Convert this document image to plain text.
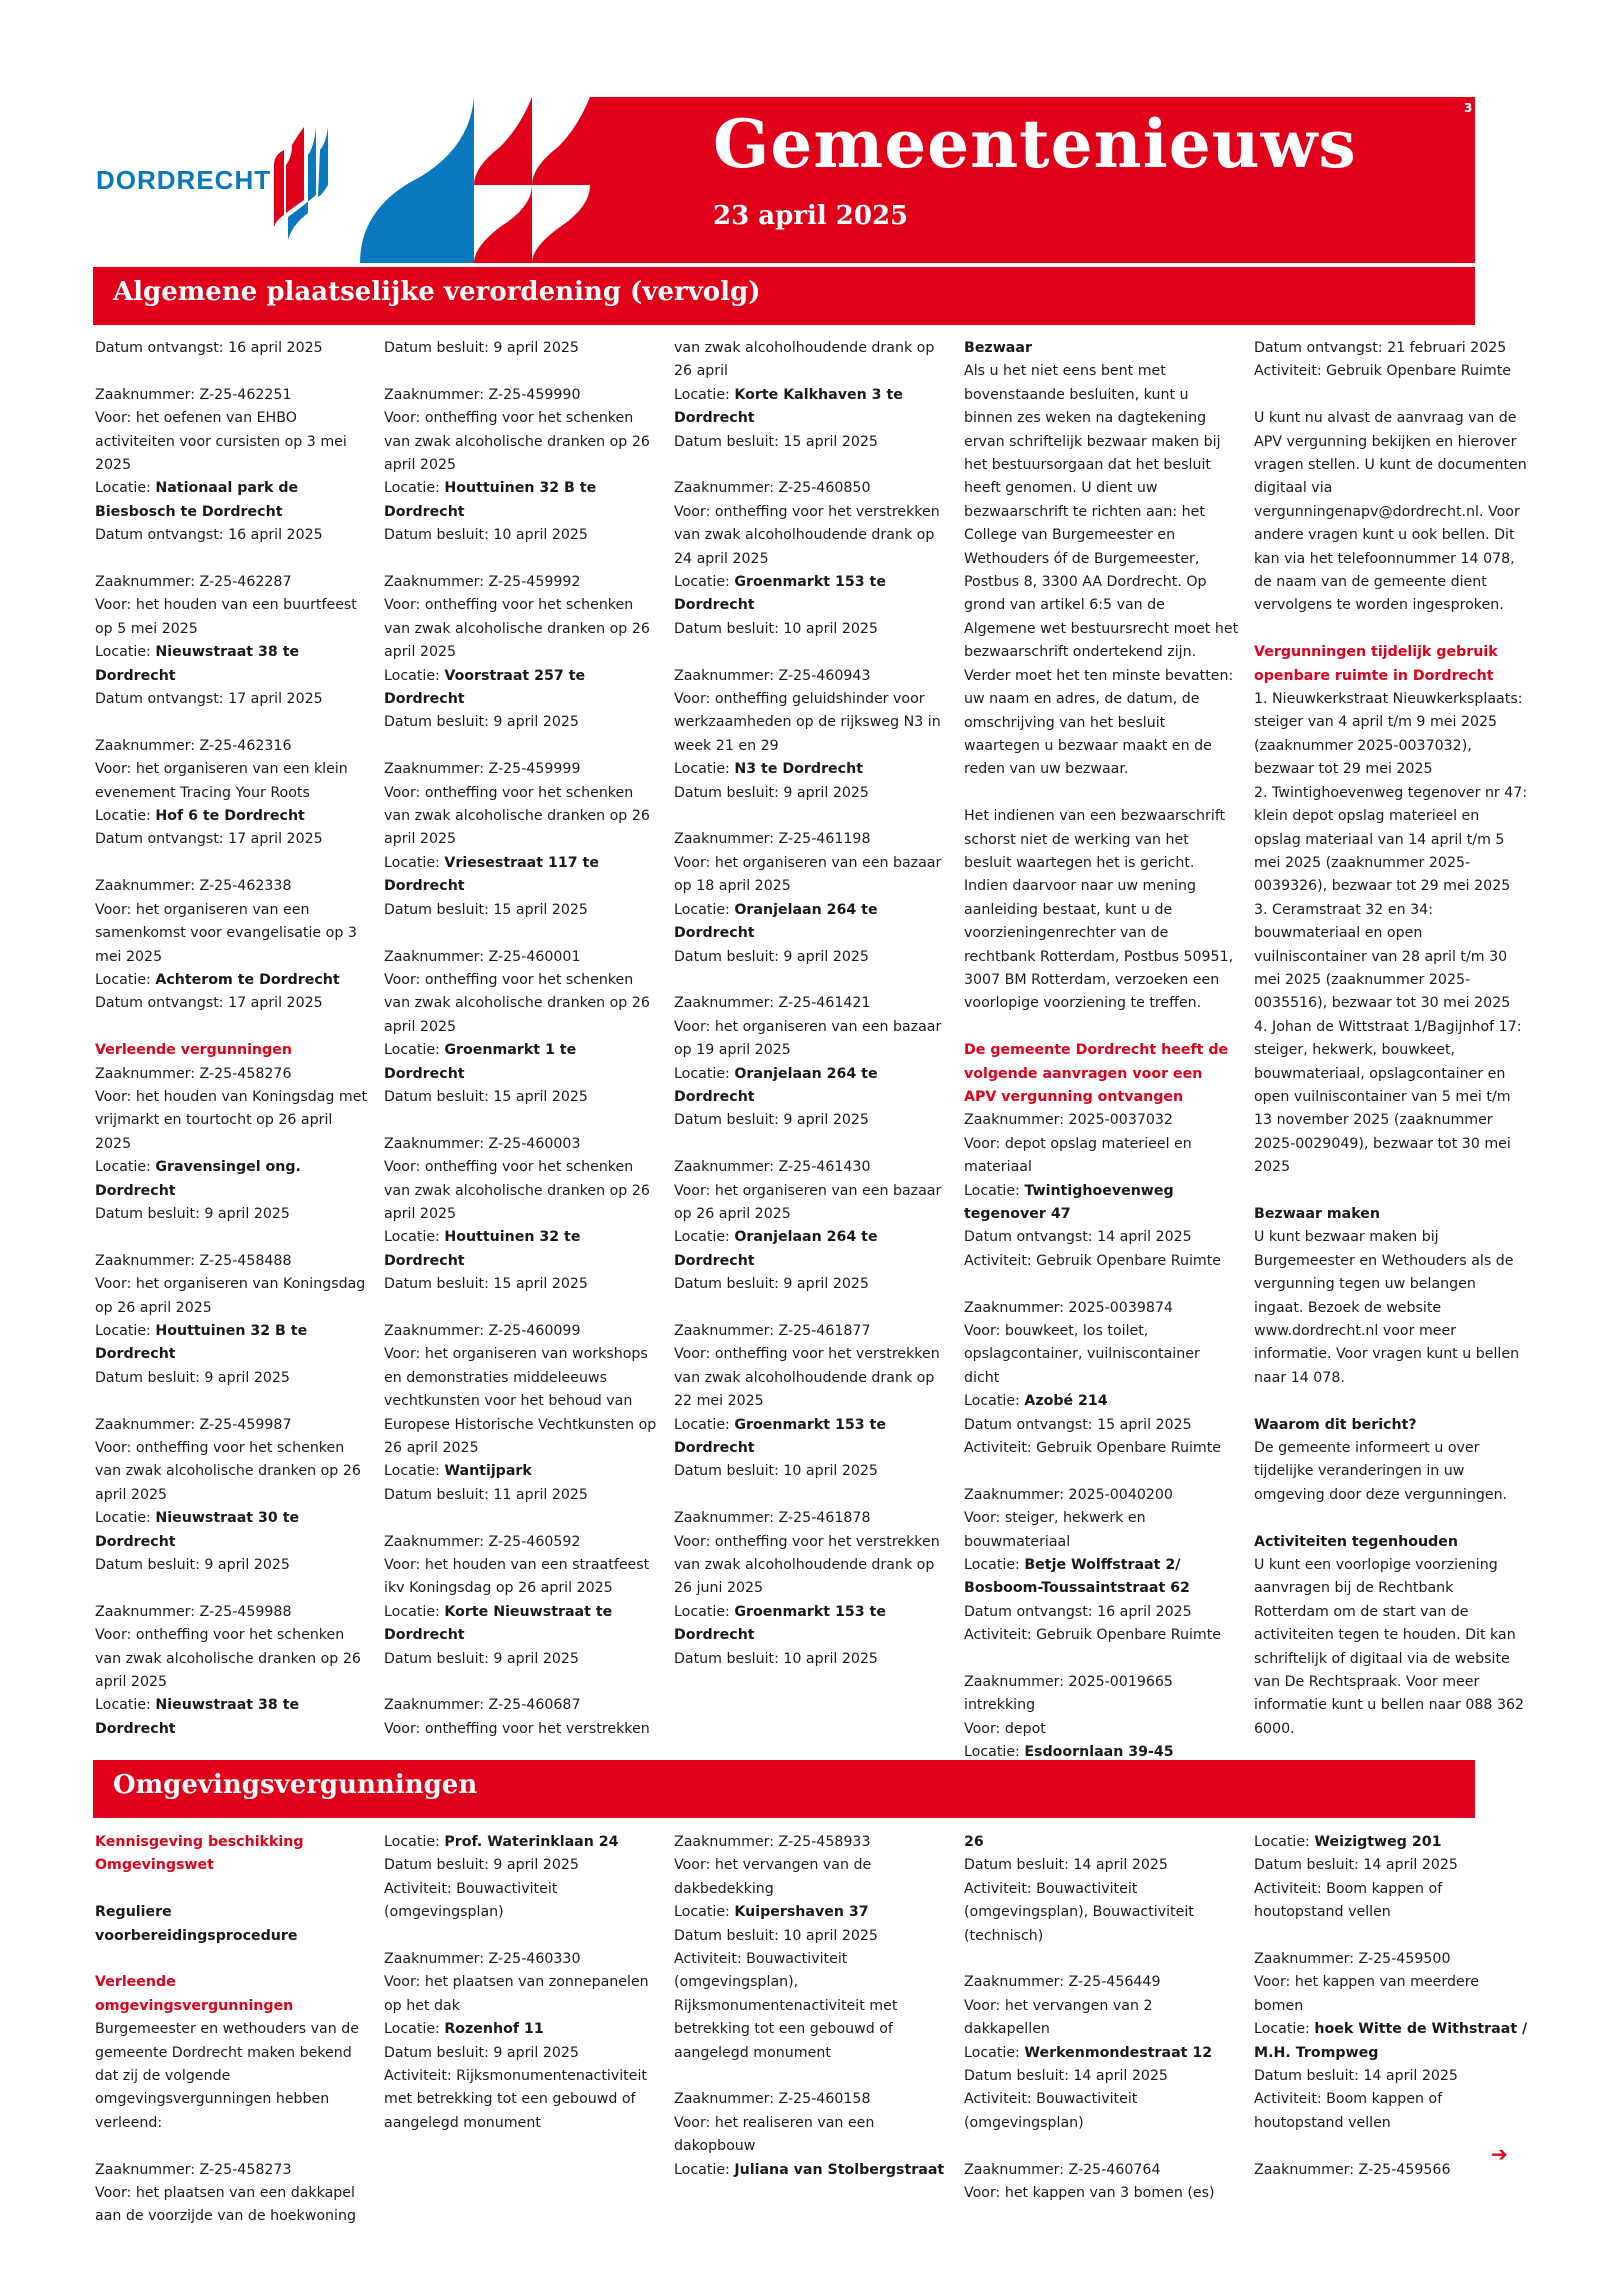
DORDRECHT	Gemeentenieuws
23 april 2025
3
Algemene plaatselijke verordening (vervolg)

Datum ontvangst: 16 april 2025

Zaaknummer: Z-25-462251

Voor: het oefenen van EHBO activiteiten voor cursisten op 3 mei 2025

Locatie: Nationaal park de Biesbosch te Dordrecht

Datum ontvangst: 16 april 2025

Zaaknummer: Z-25-462287

Voor: het houden van een buurtfeest op 5 mei 2025

Locatie: Nieuwstraat 38 te Dordrecht

Datum ontvangst: 17 april 2025

Zaaknummer: Z-25-462316

Voor: het organiseren van een klein evenement Tracing Your Roots

Locatie: Hof 6 te Dordrecht

Datum ontvangst: 17 april 2025

Zaaknummer: Z-25-462338

Voor: het organiseren van een samenkomst voor evangelisatie op 3 mei 2025

Locatie: Achterom te Dordrecht

Datum ontvangst: 17 april 2025

Verleende vergunningen

Zaaknummer: Z-25-458276

Voor: het houden van Koningsdag met vrijmarkt en tourtocht op 26 april 2025

Locatie: Gravensingel ong. Dordrecht

Datum besluit: 9 april 2025

Zaaknummer: Z-25-458488

Voor: het organiseren van Koningsdag op 26 april 2025

Locatie: Houttuinen 32 B te Dordrecht

Datum besluit: 9 april 2025

Zaaknummer: Z-25-459987

Voor: ontheffing voor het schenken van zwak alcoholische dranken op 26 april 2025

Locatie: Nieuwstraat 30 te Dordrecht

Datum besluit: 9 april 2025

Zaaknummer: Z-25-459988

Voor: ontheffing voor het schenken van zwak alcoholische dranken op 26 april 2025

Locatie: Nieuwstraat 38 te Dordrecht

Datum besluit: 9 april 2025

Zaaknummer: Z-25-459990

Voor: ontheffing voor het schenken van zwak alcoholische dranken op 26 april 2025

Locatie: Houttuinen 32 B te Dordrecht

Datum besluit: 10 april 2025

Zaaknummer: Z-25-459992

Voor: ontheffing voor het schenken van zwak alcoholische dranken op 26 april 2025

Locatie: Voorstraat 257 te Dordrecht

Datum besluit: 9 april 2025

Zaaknummer: Z-25-459999

Voor: ontheffing voor het schenken van zwak alcoholische dranken op 26 april 2025

Locatie: Vriesestraat 117 te Dordrecht

Datum besluit: 15 april 2025

Zaaknummer: Z-25-460001

Voor: ontheffing voor het schenken van zwak alcoholische dranken op 26 april 2025

Locatie: Groenmarkt 1 te Dordrecht

Datum besluit: 15 april 2025

Zaaknummer: Z-25-460003

Voor: ontheffing voor het schenken van zwak alcoholische dranken op 26 april 2025

Locatie: Houttuinen 32 te Dordrecht

Datum besluit: 15 april 2025

Zaaknummer: Z-25-460099

Voor: het organiseren van workshops en demonstraties middeleeuws vechtkunsten voor het behoud van Europese Historische Vechtkunsten op 26 april 2025

Locatie: Wantijpark

Datum besluit: 11 april 2025

Zaaknummer: Z-25-460592

Voor: het houden van een straatfeest ikv Koningsdag op 26 april 2025

Locatie: Korte Nieuwstraat te Dordrecht

Datum besluit: 9 april 2025

Zaaknummer: Z-25-460687

Voor: ontheffing voor het verstrekken

van zwak alcoholhoudende drank op 26 april

Locatie: Korte Kalkhaven 3 te Dordrecht

Datum besluit: 15 april 2025

Zaaknummer: Z-25-460850

Voor: ontheffing voor het verstrekken van zwak alcoholhoudende drank op 24 april 2025

Locatie: Groenmarkt 153 te Dordrecht

Datum besluit: 10 april 2025

Zaaknummer: Z-25-460943

Voor: ontheffing geluidshinder voor werkzaamheden op de rijksweg N3 in week 21 en 29

Locatie: N3 te Dordrecht

Datum besluit: 9 april 2025

Zaaknummer: Z-25-461198

Voor: het organiseren van een bazaar op 18 april 2025

Locatie: Oranjelaan 264 te Dordrecht

Datum besluit: 9 april 2025

Zaaknummer: Z-25-461421

Voor: het organiseren van een bazaar op 19 april 2025

Locatie: Oranjelaan 264 te Dordrecht

Datum besluit: 9 april 2025

Zaaknummer: Z-25-461430

Voor: het organiseren van een bazaar op 26 april 2025

Locatie: Oranjelaan 264 te Dordrecht

Datum besluit: 9 april 2025

Zaaknummer: Z-25-461877

Voor: ontheffing voor het verstrekken van zwak alcoholhoudende drank op 22 mei 2025

Locatie: Groenmarkt 153 te Dordrecht

Datum besluit: 10 april 2025

Zaaknummer: Z-25-461878

Voor: ontheffing voor het verstrekken van zwak alcoholhoudende drank op 26 juni 2025

Locatie: Groenmarkt 153 te Dordrecht

Datum besluit: 10 april 2025

Bezwaar

Als u het niet eens bent met bovenstaande besluiten, kunt u binnen zes weken na dagtekening ervan schriftelijk bezwaar maken bij het bestuursorgaan dat het besluit heeft genomen. U dient uw bezwaarschrift te richten aan: het College van Burgemeester en Wethouders óf de Burgemeester, Postbus 8, 3300 AA Dordrecht. Op grond van artikel 6:5 van de Algemene wet bestuursrecht moet het bezwaarschrift ondertekend zijn. Verder moet het ten minste bevatten: uw naam en adres, de datum, de omschrijving van het besluit waartegen u bezwaar maakt en de reden van uw bezwaar.

Het indienen van een bezwaarschrift schorst niet de werking van het besluit waartegen het is gericht. Indien daarvoor naar uw mening aanleiding bestaat, kunt u de voorzieningenrechter van de rechtbank Rotterdam, Postbus 50951, 3007 BM Rotterdam, verzoeken een voorlopige voorziening te treffen.

De gemeente Dordrecht heeft de volgende aanvragen voor een APV vergunning ontvangen

Zaaknummer: 2025-0037032

Voor: depot opslag materieel en materiaal

Locatie: Twintighoevenweg tegenover 47

Datum ontvangst: 14 april 2025

Activiteit: Gebruik Openbare Ruimte

Zaaknummer: 2025-0039874

Voor: bouwkeet, los toilet, opslagcontainer, vuilniscontainer dicht

Locatie: Azobé 214

Datum ontvangst: 15 april 2025

Activiteit: Gebruik Openbare Ruimte

Zaaknummer: 2025-0040200

Voor: steiger, hekwerk en bouwmateriaal

Locatie: Betje Wolffstraat 2/ Bosboom-Toussaintstraat 62

Datum ontvangst: 16 april 2025

Activiteit: Gebruik Openbare Ruimte

Zaaknummer: 2025-0019665 intrekking

Voor: depot

Locatie: Esdoornlaan 39-45

Datum ontvangst: 21 februari 2025

Activiteit: Gebruik Openbare Ruimte

U kunt nu alvast de aanvraag van de APV vergunning bekijken en hierover vragen stellen. U kunt de documenten digitaal via vergunningenapv@dordrecht.nl. Voor andere vragen kunt u ook bellen. Dit kan via het telefoonnummer 14 078, de naam van de gemeente dient vervolgens te worden ingesproken.

Vergunningen tijdelijk gebruik openbare ruimte in Dordrecht

1. Nieuwkerkstraat Nieuwkerksplaats: steiger van 4 april t/m 9 mei 2025 (zaaknummer 2025-0037032), bezwaar tot 29 mei 2025

2. Twintighoevenweg tegenover nr 47: klein depot opslag materieel en opslag materiaal van 14 april t/m 5 mei 2025 (zaaknummer 2025-0039326), bezwaar tot 29 mei 2025

3. Ceramstraat 32 en 34: bouwmateriaal en open vuilniscontainer van 28 april t/m 30 mei 2025 (zaaknummer 2025-0035516), bezwaar tot 30 mei 2025

4. Johan de Wittstraat 1/Bagijnhof 17: steiger, hekwerk, bouwkeet, bouwmateriaal, opslagcontainer en open vuilniscontainer van 5 mei t/m 13 november 2025 (zaaknummer 2025-0029049), bezwaar tot 30 mei 2025

Bezwaar maken

U kunt bezwaar maken bij Burgemeester en Wethouders als de vergunning tegen uw belangen ingaat. Bezoek de website www.dordrecht.nl voor meer informatie. Voor vragen kunt u bellen naar 14 078.

Waarom dit bericht?

De gemeente informeert u over tijdelijke veranderingen in uw omgeving door deze vergunningen.

Activiteiten tegenhouden

U kunt een voorlopige voorziening aanvragen bij de Rechtbank Rotterdam om de start van de activiteiten tegen te houden. Dit kan schriftelijk of digitaal via de website van De Rechtspraak. Voor meer informatie kunt u bellen naar 088 362 6000.

Omgevingsvergunningen

Kennisgeving beschikking Omgevingswet

Reguliere voorbereidingsprocedure

Verleende omgevingsvergunningen

Burgemeester en wethouders van de gemeente Dordrecht maken bekend dat zij de volgende omgevingsvergunningen hebben verleend:

Zaaknummer: Z-25-458273

Voor: het plaatsen van een dakkapel aan de voorzijde van de hoekwoning

Locatie: Prof. Waterinklaan 24

Datum besluit: 9 april 2025

Activiteit: Bouwactiviteit (omgevingsplan)

Zaaknummer: Z-25-460330

Voor: het plaatsen van zonnepanelen op het dak

Locatie: Rozenhof 11

Datum besluit: 9 april 2025

Activiteit: Rijksmonumentenactiviteit met betrekking tot een gebouwd of aangelegd monument

Zaaknummer: Z-25-458933

Voor: het vervangen van de dakbedekking

Locatie: Kuipershaven 37

Datum besluit: 10 april 2025

Activiteit: Bouwactiviteit (omgevingsplan), Rijksmonumentenactiviteit met betrekking tot een gebouwd of aangelegd monument

Zaaknummer: Z-25-460158

Voor: het realiseren van een dakopbouw

Locatie: Juliana van Stolbergstraat

26

Datum besluit: 14 april 2025

Activiteit: Bouwactiviteit (omgevingsplan), Bouwactiviteit (technisch)

Zaaknummer: Z-25-456449

Voor: het vervangen van 2 dakkapellen

Locatie: Werkenmondestraat 12

Datum besluit: 14 april 2025

Activiteit: Bouwactiviteit (omgevingsplan)

Zaaknummer: Z-25-460764

Voor: het kappen van 3 bomen (es)

Locatie: Weizigtweg 201

Datum besluit: 14 april 2025

Activiteit: Boom kappen of houtopstand vellen

Zaaknummer: Z-25-459500

Voor: het kappen van meerdere bomen

Locatie: hoek Witte de Withstraat / M.H. Trompweg

Datum besluit: 14 april 2025

Activiteit: Boom kappen of houtopstand vellen

Zaaknummer: Z-25-459566

➔
